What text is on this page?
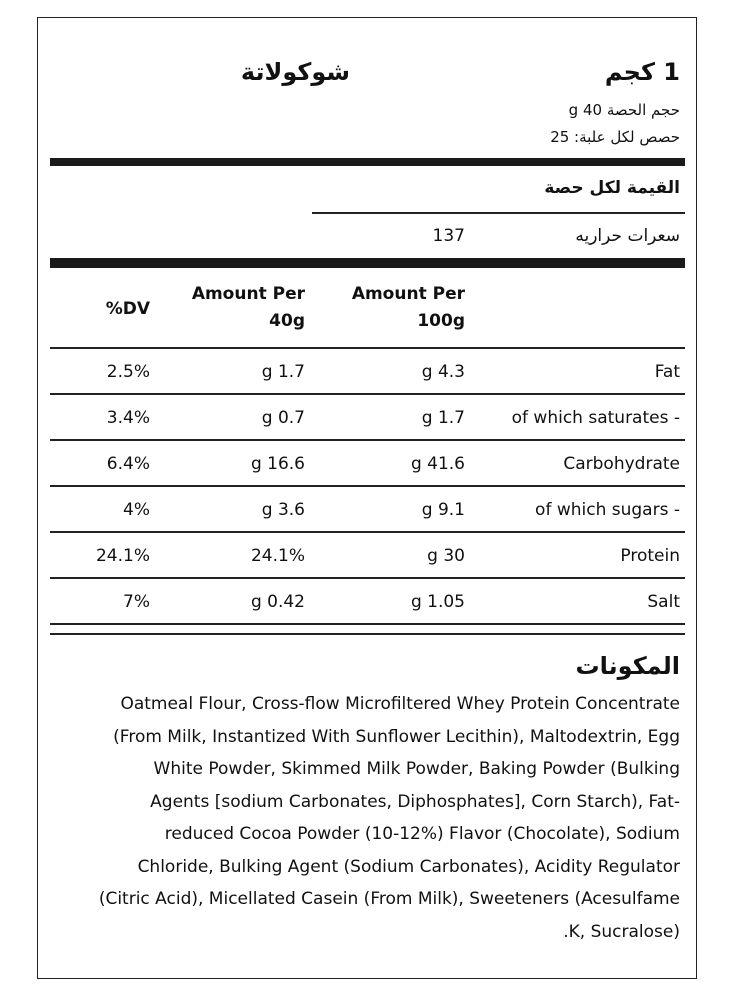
1 كجم
شوكولاتة
حجم الحصة 40 g
حصص لكل علبة: 25
القيمة لكل حصة
سعرات حراريه
137
Amount Per
100g
Amount Per
40g
%DV
Fat
g 4.3
g 1.7
2.5%
of which saturates -
g 1.7
g 0.7
3.4%
Carbohydrate
g 41.6
g 16.6
6.4%
of which sugars -
g 9.1
g 3.6
4%
Protein
g 30
24.1%
24.1%
Salt
g 1.05
g 0.42
7%
المكونات
Oatmeal Flour, Cross-flow Microfiltered Whey Protein Concentrate
(From Milk, Instantized With Sunflower Lecithin), Maltodextrin, Egg
White Powder, Skimmed Milk Powder, Baking Powder (Bulking
Agents [sodium Carbonates, Diphosphates], Corn Starch), Fat-
reduced Cocoa Powder (10-12%) Flavor (Chocolate), Sodium
Chloride, Bulking Agent (Sodium Carbonates), Acidity Regulator
(Citric Acid), Micellated Casein (From Milk), Sweeteners (Acesulfame
.K, Sucralose)
